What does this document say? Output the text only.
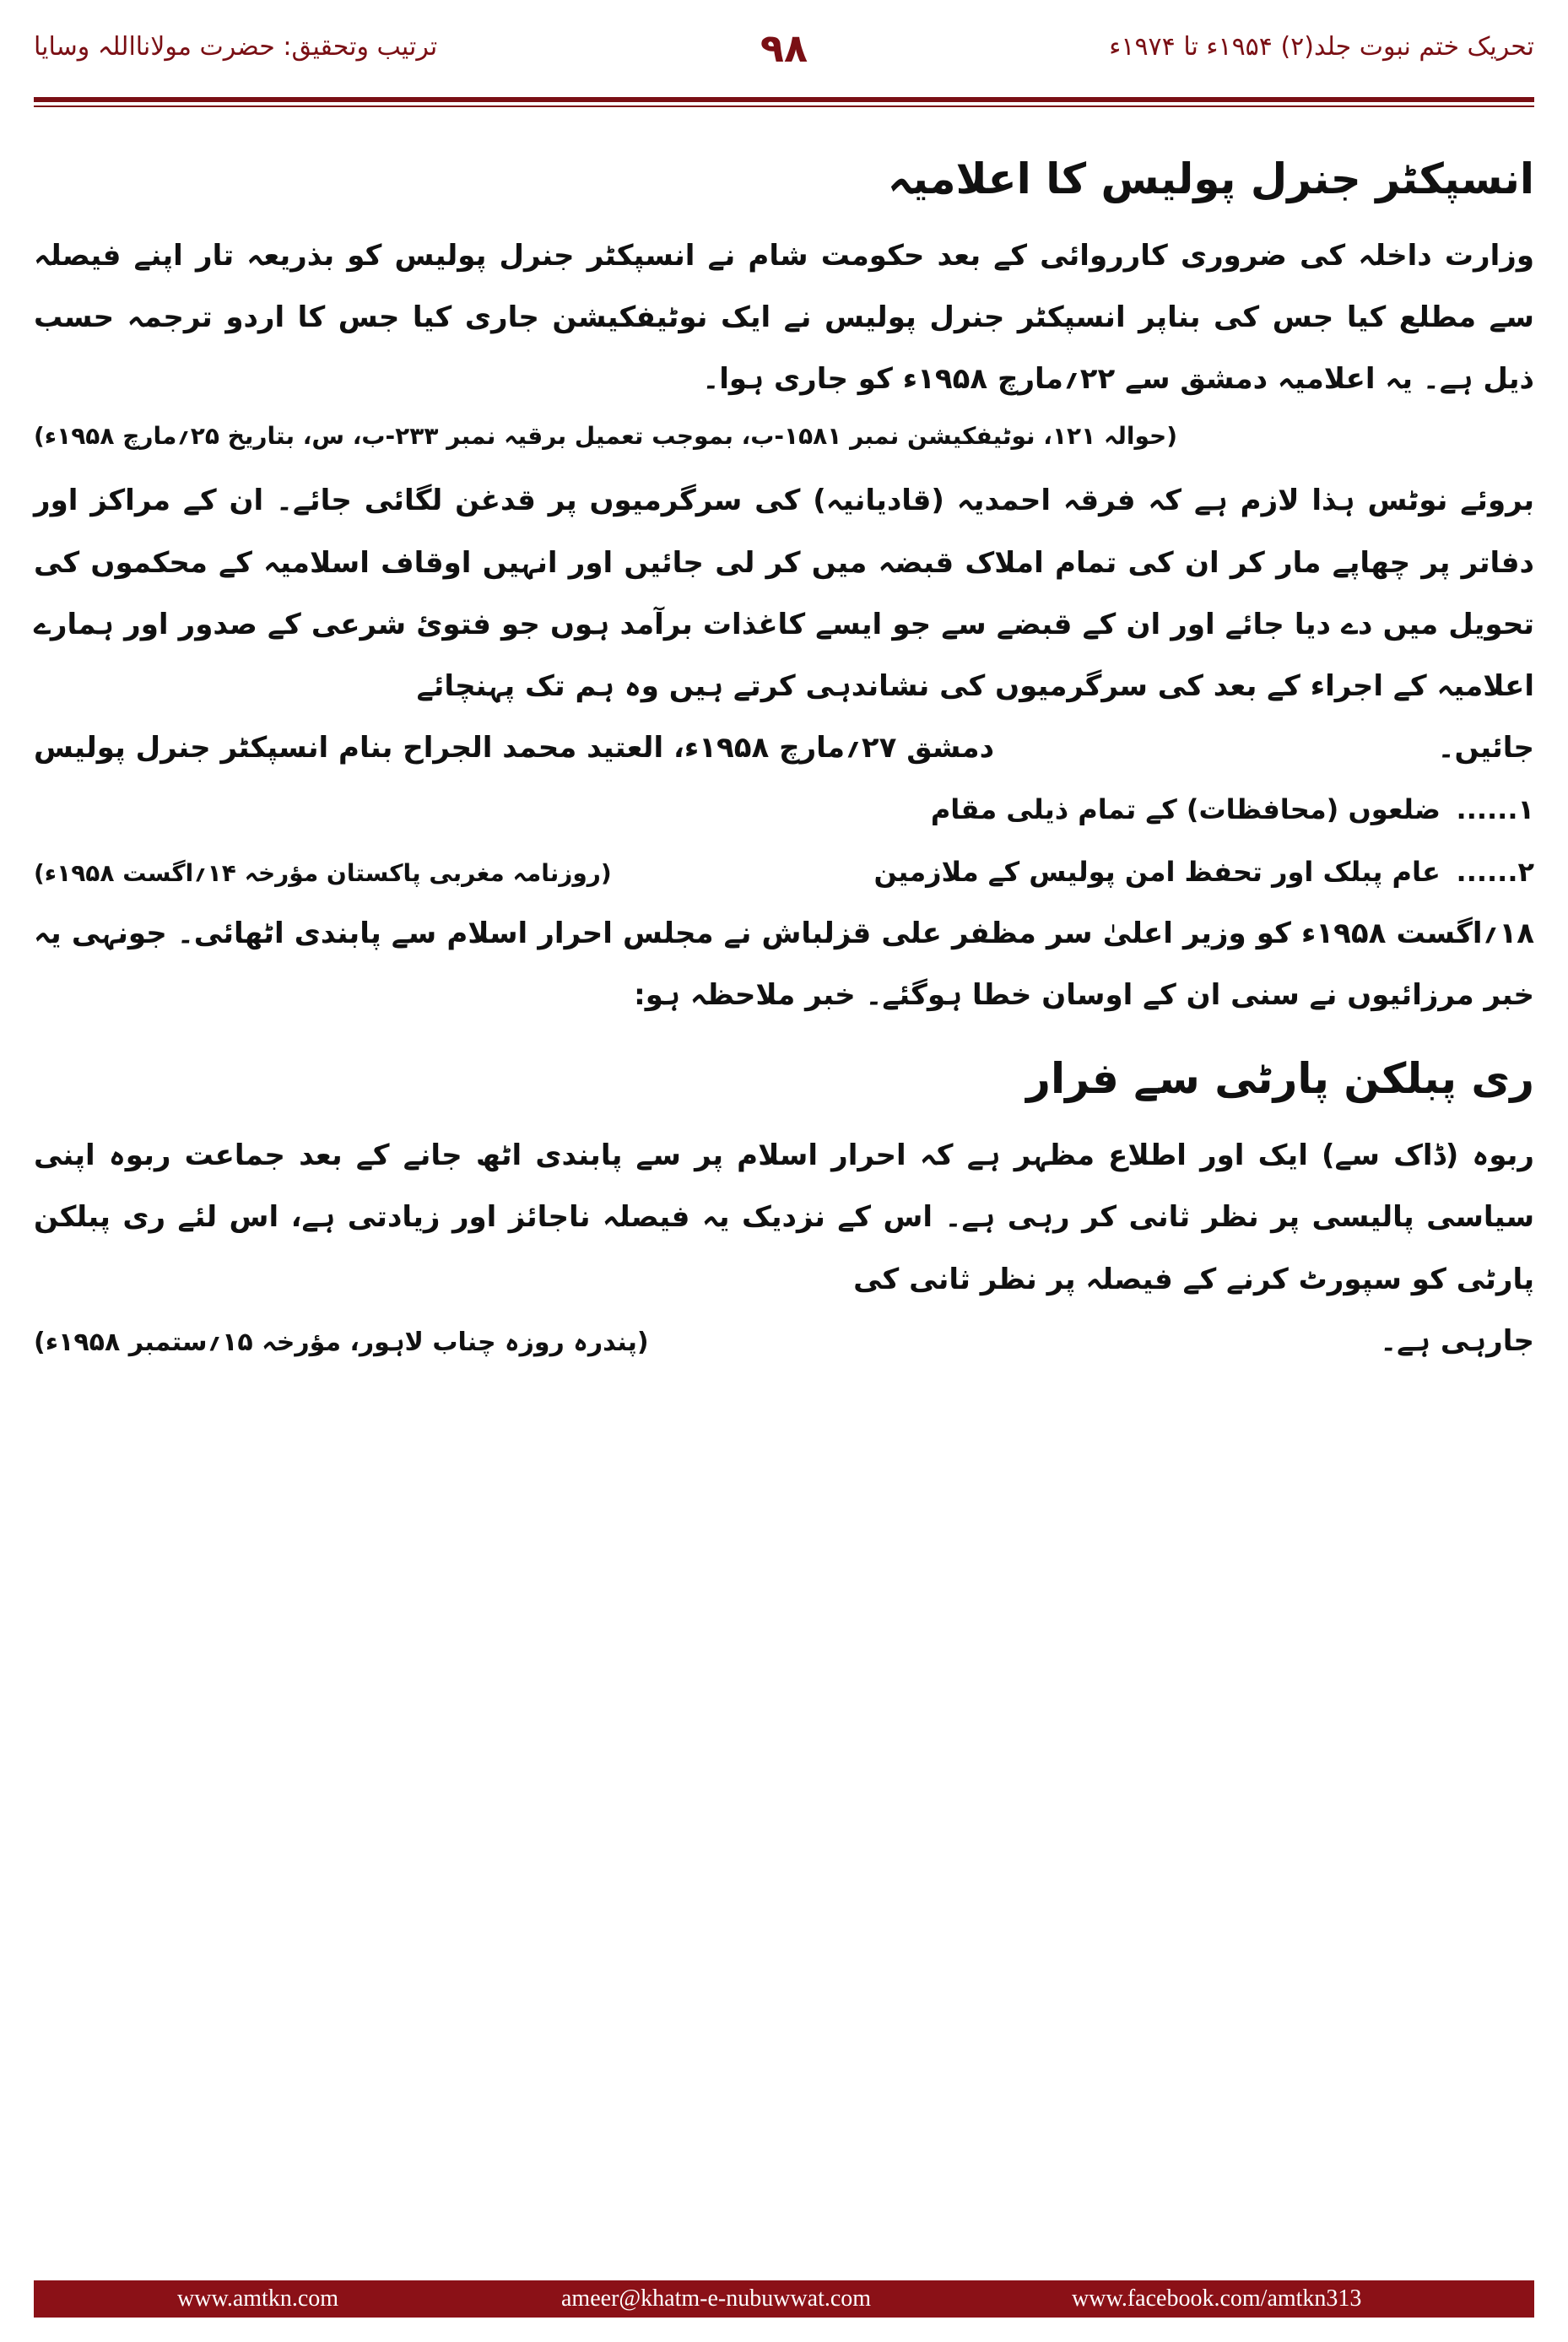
ترتیب وتحقیق: حضرت مولانااللہ وسایا	۹۸	تحریک ختم نبوت جلد(۲) ۱۹۵۴ء تا ۱۹۷۴ء
انسپکٹر جنرل پولیس کا اعلامیہ

وزارت داخلہ کی ضروری کارروائی کے بعد حکومت شام نے انسپکٹر جنرل پولیس کو بذریعہ تار اپنے فیصلہ سے مطلع کیا جس کی بناپر انسپکٹر جنرل پولیس نے ایک نوٹیفکیشن جاری کیا جس کا اردو ترجمہ حسب ذیل ہے۔ یہ اعلامیہ دمشق سے ۲۲؍مارچ ۱۹۵۸ء کو جاری ہوا۔

(حوالہ ۱۲۱، نوٹیفکیشن نمبر ۱۵۸۱-ب، بموجب تعمیل برقیہ نمبر ۲۳۳-ب، س، بتاریخ ۲۵؍مارچ ۱۹۵۸ء)

بروئے نوٹس ہذا لازم ہے کہ فرقہ احمدیہ (قادیانیہ) کی سرگرمیوں پر قدغن لگائی جائے۔ ان کے مراکز اور دفاتر پر چھاپے مار کر ان کی تمام املاک قبضہ میں کر لی جائیں اور انہیں اوقاف اسلامیہ کے محکموں کی تحویل میں دے دیا جائے اور ان کے قبضے سے جو ایسے کاغذات برآمد ہوں جو فتوئ شرعی کے صدور اور ہمارے اعلامیہ کے اجراء کے بعد کی سرگرمیوں کی نشاندہی کرتے ہیں وہ ہم تک پہنچائے

جائیں۔
دمشق ۲۷؍مارچ ۱۹۵۸ء، العتید محمد الجراح بنام انسپکٹر جنرل پولیس
۱...... ضلعوں (محافظات) کے تمام ذیلی مقام
۲...... عام پبلک اور تحفظ امن پولیس کے ملازمین
(روزنامہ مغربی پاکستان مؤرخہ ۱۴؍اگست ۱۹۵۸ء)

۱۸؍اگست ۱۹۵۸ء کو وزیر اعلیٰ سر مظفر علی قزلباش نے مجلس احرار اسلام سے پابندی اٹھائی۔ جونہی یہ خبر مرزائیوں نے سنی ان کے اوسان خطا ہوگئے۔ خبر ملاحظہ ہو:

ری پبلکن پارٹی سے فرار

ربوہ (ڈاک سے) ایک اور اطلاع مظہر ہے کہ احرار اسلام پر سے پابندی اٹھ جانے کے بعد جماعت ربوہ اپنی سیاسی پالیسی پر نظر ثانی کر رہی ہے۔ اس کے نزدیک یہ فیصلہ ناجائز اور زیادتی ہے، اس لئے ری پبلکن پارٹی کو سپورٹ کرنے کے فیصلہ پر نظر ثانی کی

جارہی ہے۔
(پندرہ روزہ چناب لاہور، مؤرخہ ۱۵؍ستمبر ۱۹۵۸ء)
www.amtkn.com	ameer@khatm-e-nubuwwat.com	www.facebook.com/amtkn313
